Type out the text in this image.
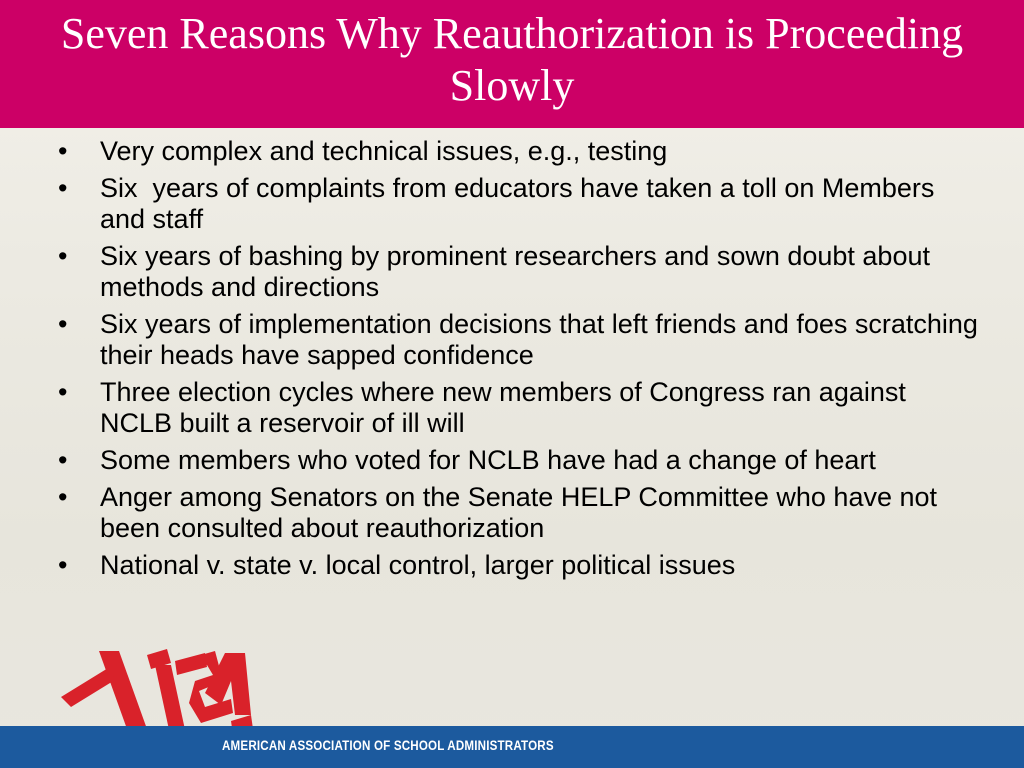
Seven Reasons Why Reauthorization is Proceeding Slowly
•	Very complex and technical issues, e.g., testing
•	Six  years of complaints from educators have taken a toll on Members and staff
•	Six years of bashing by prominent researchers and sown doubt about methods and directions
•	Six years of implementation decisions that left friends and foes scratching their heads have sapped confidence
•	Three election cycles where new members of Congress ran against NCLB built a reservoir of ill will
•	Some members who voted for NCLB have had a change of heart
•	Anger among Senators on the Senate HELP Committee who have not been consulted about reauthorization
•	National v. state v. local control, larger political issues
AMERICAN ASSOCIATION OF SCHOOL ADMINISTRATORS
